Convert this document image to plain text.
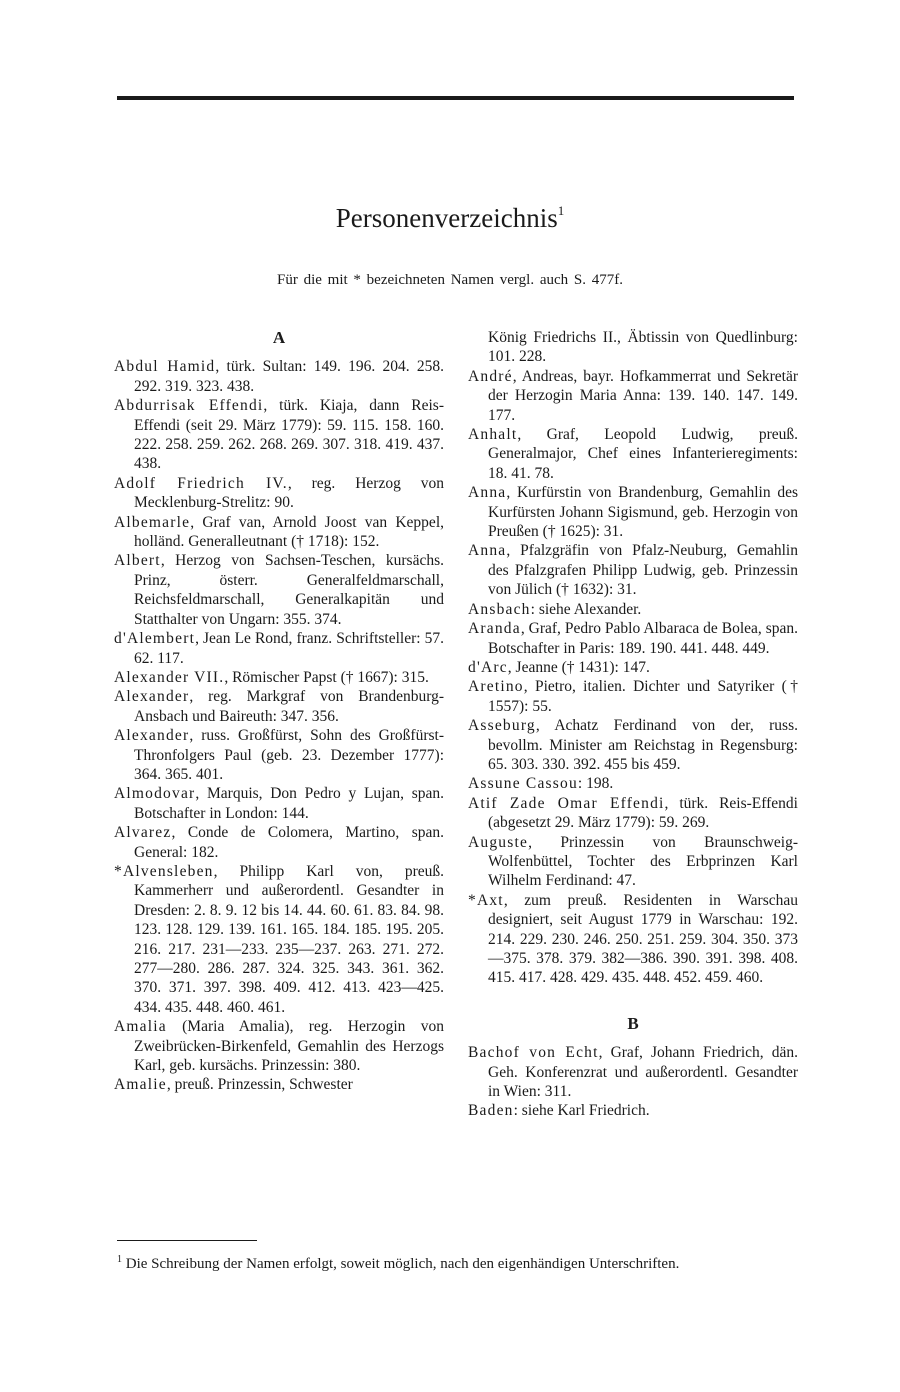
Personenverzeichnis$^1$
Für die mit * bezeichneten Namen vergl. auch S. 477f.
A
Abdul Hamid, türk. Sultan: 149. 196. 204. 258. 292. 319. 323. 438.
Abdurrisak Effendi, türk. Kiaja, dann Reis-Effendi (seit 29. März 1779): 59. 115. 158. 160. 222. 258. 259. 262. 268. 269. 307. 318. 419. 437. 438.
Adolf Friedrich IV., reg. Herzog von Mecklenburg-Strelitz: 90.
Albemarle, Graf van, Arnold Joost van Keppel, holländ. Generalleutnant († 1718): 152.
Albert, Herzog von Sachsen-Teschen, kursächs. Prinz, österr. Generalfeldmarschall, Reichsfeldmarschall, Generalkapitän und Statthalter von Ungarn: 355. 374.
d'Alembert, Jean Le Rond, franz. Schriftsteller: 57. 62. 117.
Alexander VII., Römischer Papst († 1667): 315.
Alexander, reg. Markgraf von Brandenburg-Ansbach und Baireuth: 347. 356.
Alexander, russ. Großfürst, Sohn des Großfürst-Thronfolgers Paul (geb. 23. Dezember 1777): 364. 365. 401.
Almodovar, Marquis, Don Pedro y Lujan, span. Botschafter in London: 144.
Alvarez, Conde de Colomera, Martino, span. General: 182.
*Alvensleben, Philipp Karl von, preuß. Kammerherr und außerordentl. Gesandter in Dresden: 2. 8. 9. 12 bis 14. 44. 60. 61. 83. 84. 98. 123. 128. 129. 139. 161. 165. 184. 185. 195. 205. 216. 217. 231—233. 235—237. 263. 271. 272. 277—280. 286. 287. 324. 325. 343. 361. 362. 370. 371. 397. 398. 409. 412. 413. 423—425. 434. 435. 448. 460. 461.
Amalia (Maria Amalia), reg. Herzogin von Zweibrücken-Birkenfeld, Gemahlin des Herzogs Karl, geb. kursächs. Prinzessin: 380.
Amalie, preuß. Prinzessin, Schwester
König Friedrichs II., Äbtissin von Quedlinburg: 101. 228.
André, Andreas, bayr. Hofkammerrat und Sekretär der Herzogin Maria Anna: 139. 140. 147. 149. 177.
Anhalt, Graf, Leopold Ludwig, preuß. Generalmajor, Chef eines Infanterieregiments: 18. 41. 78.
Anna, Kurfürstin von Brandenburg, Gemahlin des Kurfürsten Johann Sigismund, geb. Herzogin von Preußen († 1625): 31.
Anna, Pfalzgräfin von Pfalz-Neuburg, Gemahlin des Pfalzgrafen Philipp Ludwig, geb. Prinzessin von Jülich († 1632): 31.
Ansbach: siehe Alexander.
Aranda, Graf, Pedro Pablo Albaraca de Bolea, span. Botschafter in Paris: 189. 190. 441. 448. 449.
d'Arc, Jeanne († 1431): 147.
Aretino, Pietro, italien. Dichter und Satyriker († 1557): 55.
Asseburg, Achatz Ferdinand von der, russ. bevollm. Minister am Reichstag in Regensburg: 65. 303. 330. 392. 455 bis 459.
Assune Cassou: 198.
Atif Zade Omar Effendi, türk. Reis-Effendi (abgesetzt 29. März 1779): 59. 269.
Auguste, Prinzessin von Braunschweig-Wolfenbüttel, Tochter des Erbprinzen Karl Wilhelm Ferdinand: 47.
*Axt, zum preuß. Residenten in Warschau designiert, seit August 1779 in Warschau: 192. 214. 229. 230. 246. 250. 251. 259. 304. 350. 373—375. 378. 379. 382—386. 390. 391. 398. 408. 415. 417. 428. 429. 435. 448. 452. 459. 460.
B
Bachof von Echt, Graf, Johann Friedrich, dän. Geh. Konferenzrat und außerordentl. Gesandter in Wien: 311.
Baden: siehe Karl Friedrich.
$^1$ Die Schreibung der Namen erfolgt, soweit möglich, nach den eigenhändigen Unterschriften.
